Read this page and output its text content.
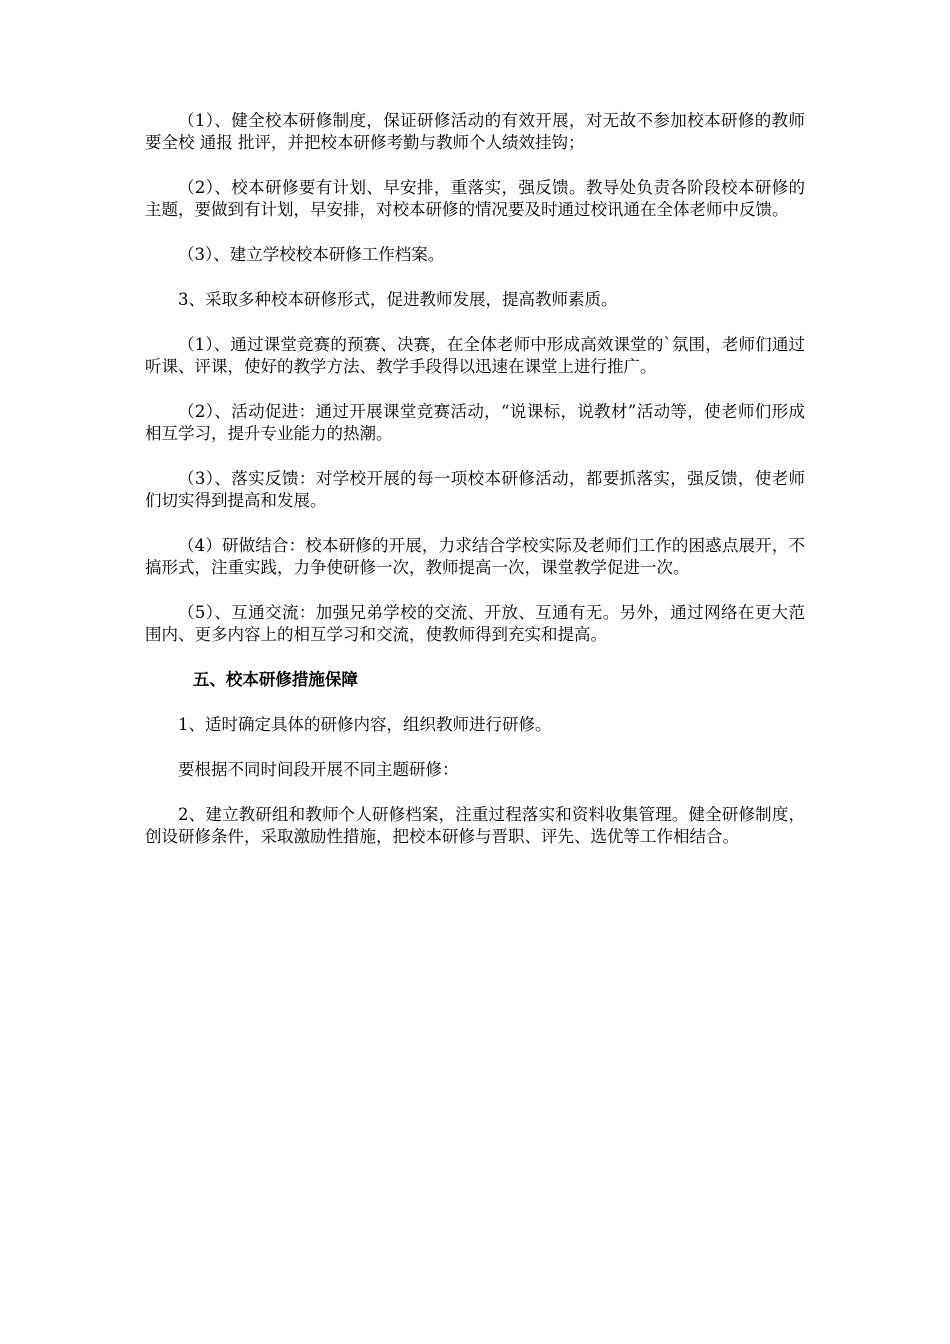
（1）、健全校本研修制度，保证研修活动的有效开展，对无故不参加校本研修的教师要全校 通报 批评，并把校本研修考勤与教师个人绩效挂钩；

（2）、校本研修要有计划、早安排，重落实，强反馈。教导处负责各阶段校本研修的主题，要做到有计划，早安排，对校本研修的情况要及时通过校讯通在全体老师中反馈。

（3）、建立学校校本研修工作档案。

3、采取多种校本研修形式，促进教师发展，提高教师素质。

（1）、通过课堂竞赛的预赛、决赛，在全体老师中形成高效课堂的`氛围，老师们通过听课、评课，使好的教学方法、教学手段得以迅速在课堂上进行推广。

（2）、活动促进：通过开展课堂竞赛活动，“说课标，说教材”活动等，使老师们形成相互学习，提升专业能力的热潮。

（3）、落实反馈：对学校开展的每一项校本研修活动，都要抓落实，强反馈，使老师们切实得到提高和发展。

（4）研做结合：校本研修的开展，力求结合学校实际及老师们工作的困惑点展开，不搞形式，注重实践，力争使研修一次，教师提高一次，课堂教学促进一次。

（5）、互通交流：加强兄弟学校的交流、开放、互通有无。另外，通过网络在更大范围内、更多内容上的相互学习和交流，使教师得到充实和提高。

五、校本研修措施保障

1、适时确定具体的研修内容，组织教师进行研修。

要根据不同时间段开展不同主题研修：

2、建立教研组和教师个人研修档案，注重过程落实和资料收集管理。健全研修制度，创设研修条件，采取激励性措施，把校本研修与晋职、评先、选优等工作相结合。
